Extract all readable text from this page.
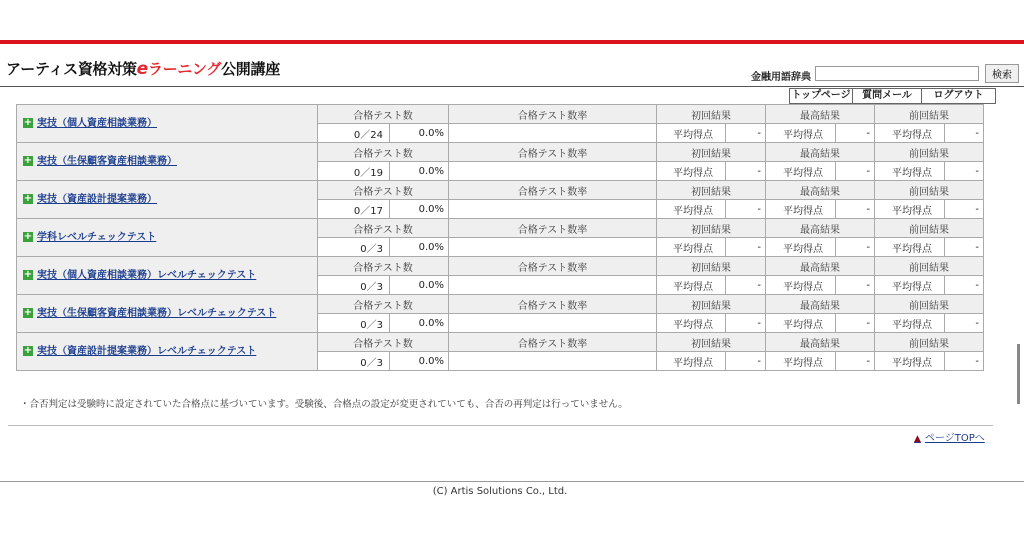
アーティス資格対策eラーニング公開講座	金融用語辞典	検索
トップページ	質問メール	ログアウト
+ 実技（個人資産相談業務）	合格テスト数		合格テスト数率	初回結果		最高結果		前回結果	
	0／24	0.0%		平均得点	-	平均得点	-	平均得点	-

+ 実技（生保顧客資産相談業務）	合格テスト数		合格テスト数率	初回結果		最高結果		前回結果	
	0／19	0.0%		平均得点	-	平均得点	-	平均得点	-

+ 実技（資産設計提案業務）	合格テスト数		合格テスト数率	初回結果		最高結果		前回結果	
	0／17	0.0%		平均得点	-	平均得点	-	平均得点	-

+ 学科レベルチェックテスト	合格テスト数		合格テスト数率	初回結果		最高結果		前回結果	
	0／3	0.0%		平均得点	-	平均得点	-	平均得点	-

+ 実技（個人資産相談業務）レベルチェックテスト	合格テスト数		合格テスト数率	初回結果		最高結果		前回結果	
	0／3	0.0%		平均得点	-	平均得点	-	平均得点	-

+ 実技（生保顧客資産相談業務）レベルチェックテスト	合格テスト数		合格テスト数率	初回結果		最高結果		前回結果	
	0／3	0.0%		平均得点	-	平均得点	-	平均得点	-

+ 実技（資産設計提案業務）レベルチェックテスト	合格テスト数		合格テスト数率	初回結果		最高結果		前回結果	
	0／3	0.0%		平均得点	-	平均得点	-	平均得点	-
・合否判定は受験時に設定されていた合格点に基づいています。受験後、合格点の設定が変更されていても、合否の再判定は行っていません。
▲ ページTOPへ
(C) Artis Solutions Co., Ltd.
